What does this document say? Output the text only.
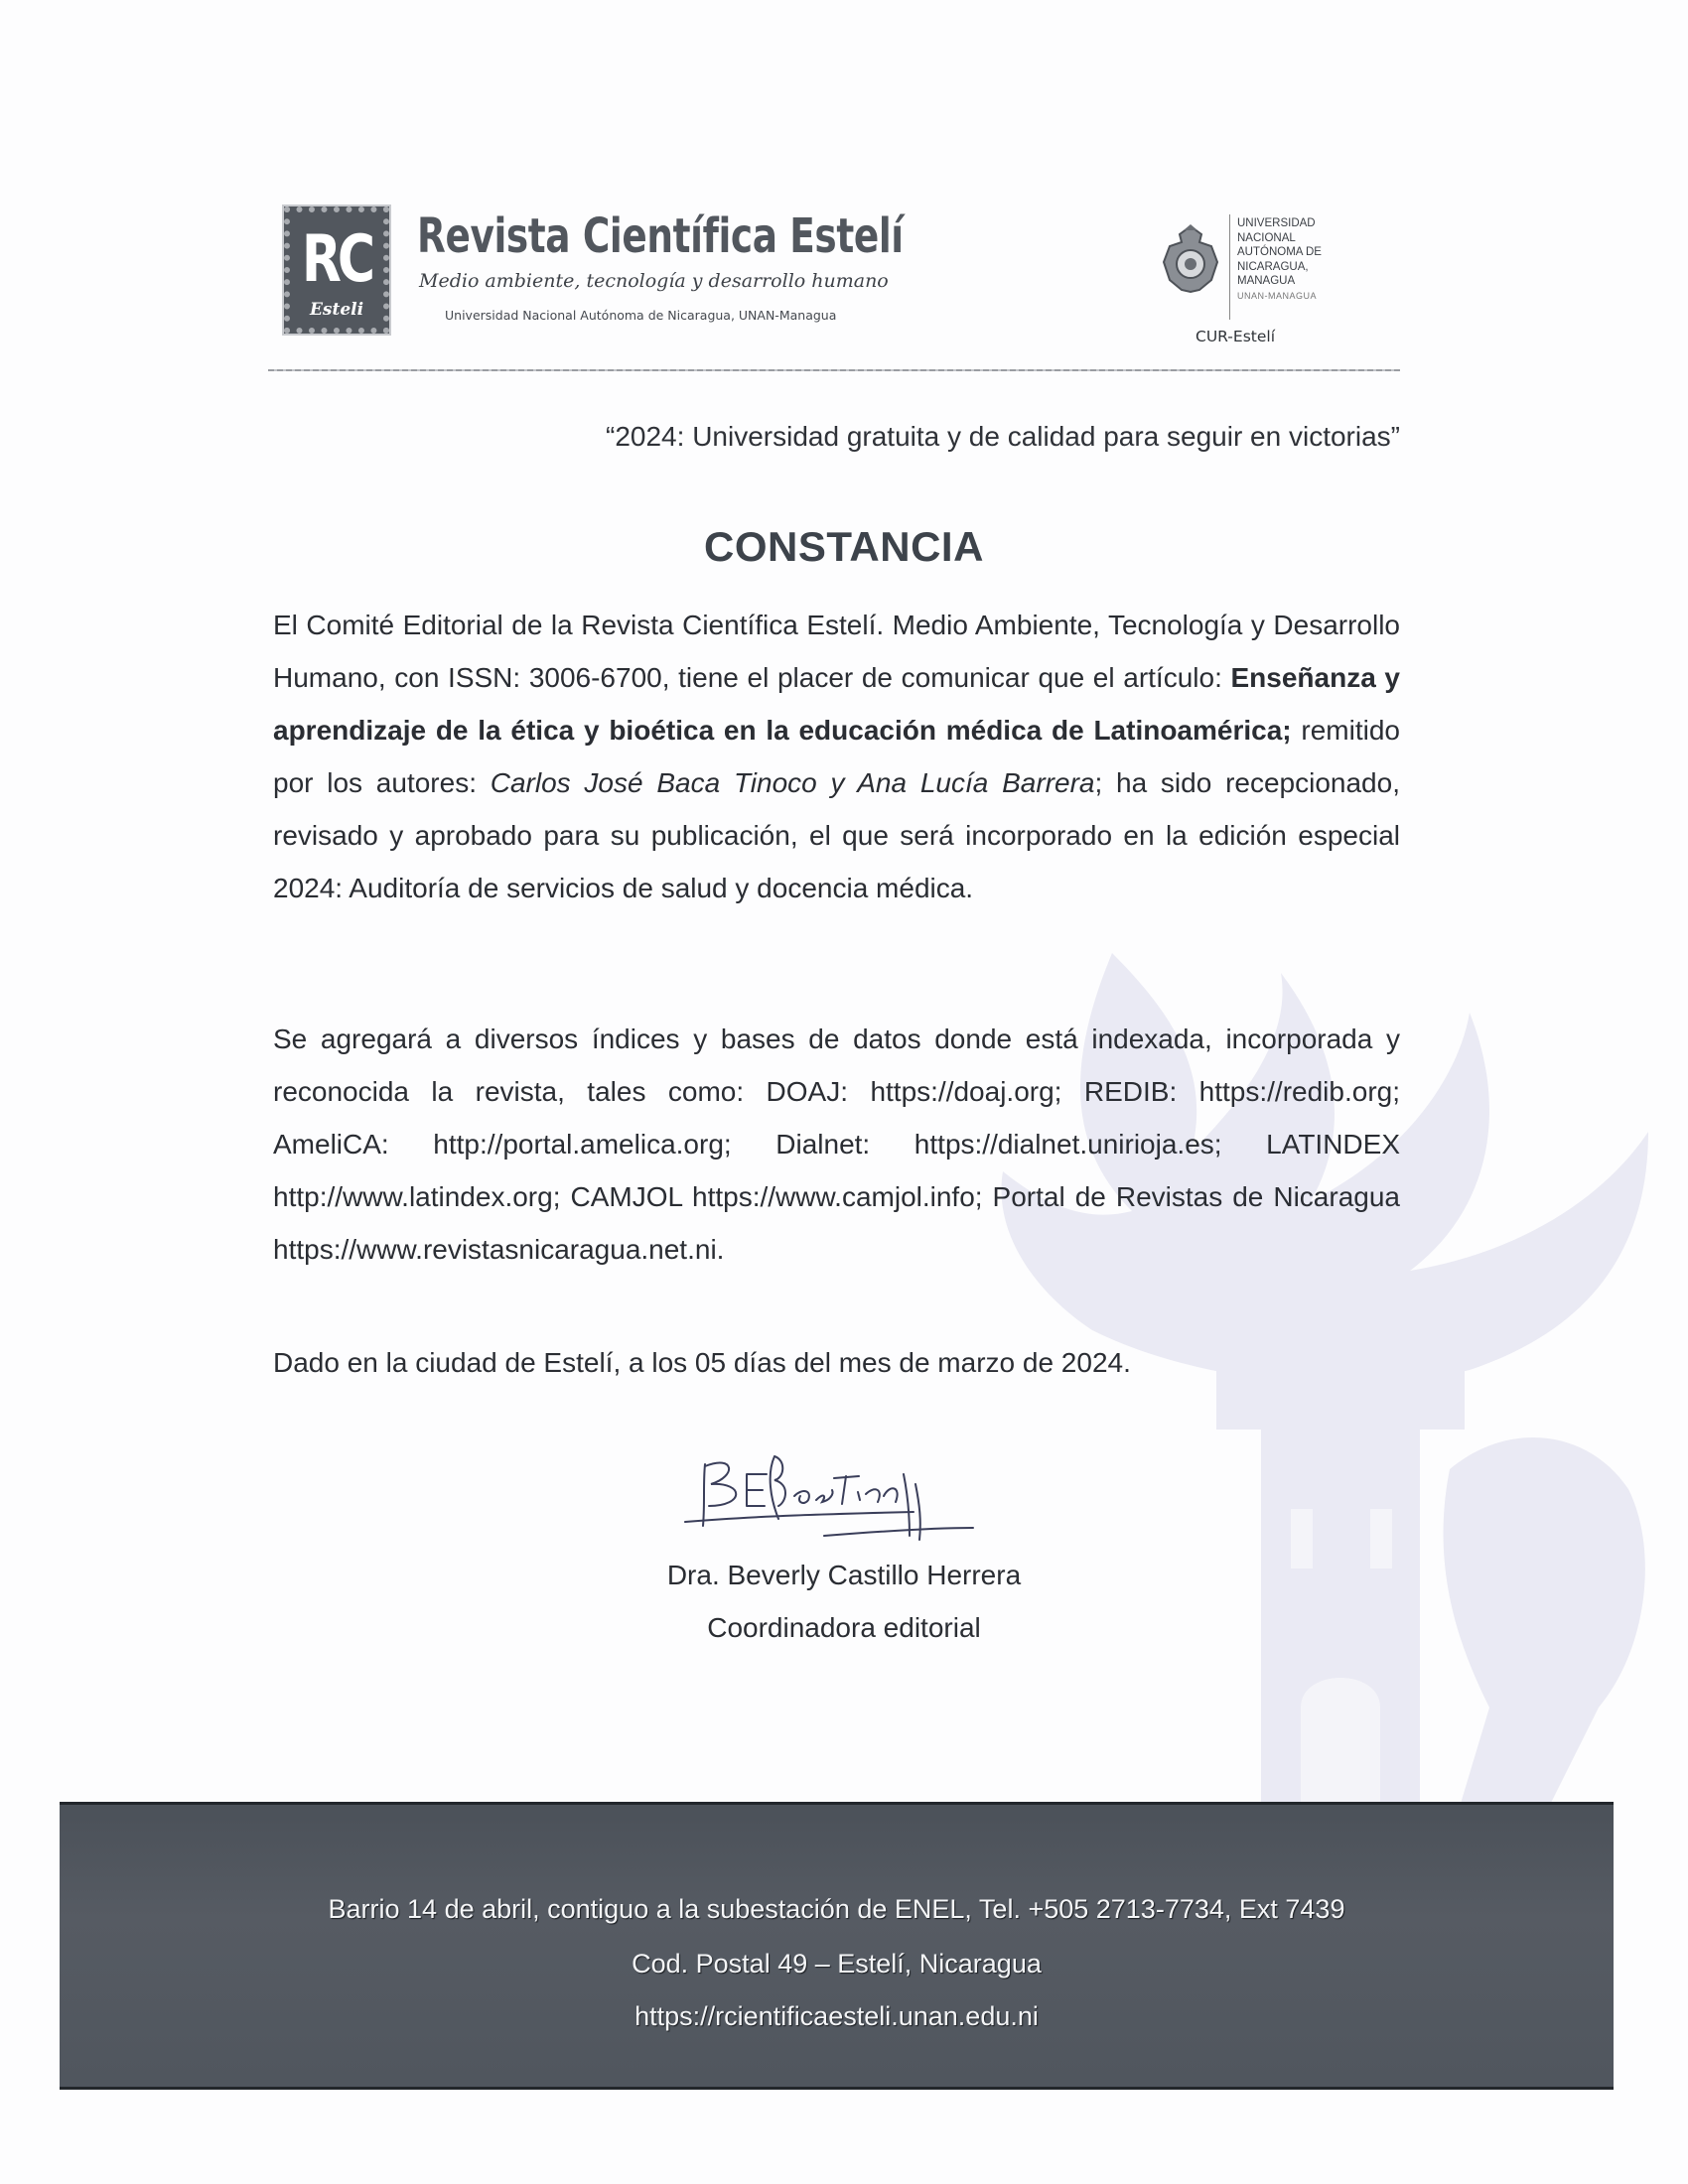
RC
Esteli
Revista Científica Estelí
Medio ambiente, tecnología y desarrollo humano
Universidad Nacional Autónoma de Nicaragua, UNAN-Managua
UNIVERSIDAD
NACIONAL
AUTÓNOMA DE
NICARAGUA,
MANAGUA
UNAN-MANAGUA
CUR-Estelí
“2024: Universidad gratuita y de calidad para seguir en victorias”
CONSTANCIA
El Comité Editorial de la Revista Científica Estelí. Medio Ambiente, Tecnología y Desarrollo Humano, con ISSN: 3006-6700, tiene el placer de comunicar que el artículo: Enseñanza y aprendizaje de la ética y bioética en la educación médica de Latinoamérica; remitido por los autores: Carlos José Baca Tinoco y Ana Lucía Barrera; ha sido recepcionado, revisado y aprobado para su publicación, el que será incorporado en la edición especial 2024: Auditoría de servicios de salud y docencia médica.
Se agregará a diversos índices y bases de datos donde está indexada, incorporada y reconocida la revista, tales como: DOAJ: https://doaj.org; REDIB: https://redib.org; AmeliCA: http://portal.amelica.org; Dialnet: https://dialnet.unirioja.es; LATINDEX http://www.latindex.org; CAMJOL https://www.camjol.info; Portal de Revistas de Nicaragua https://www.revistasnicaragua.net.ni.
Dado en la ciudad de Estelí, a los 05 días del mes de marzo de 2024.
Dra. Beverly Castillo Herrera
Coordinadora editorial
Barrio 14 de abril, contiguo a la subestación de ENEL, Tel. +505 2713-7734, Ext 7439
Cod. Postal 49 – Estelí, Nicaragua
https://rcientificaesteli.unan.edu.ni
